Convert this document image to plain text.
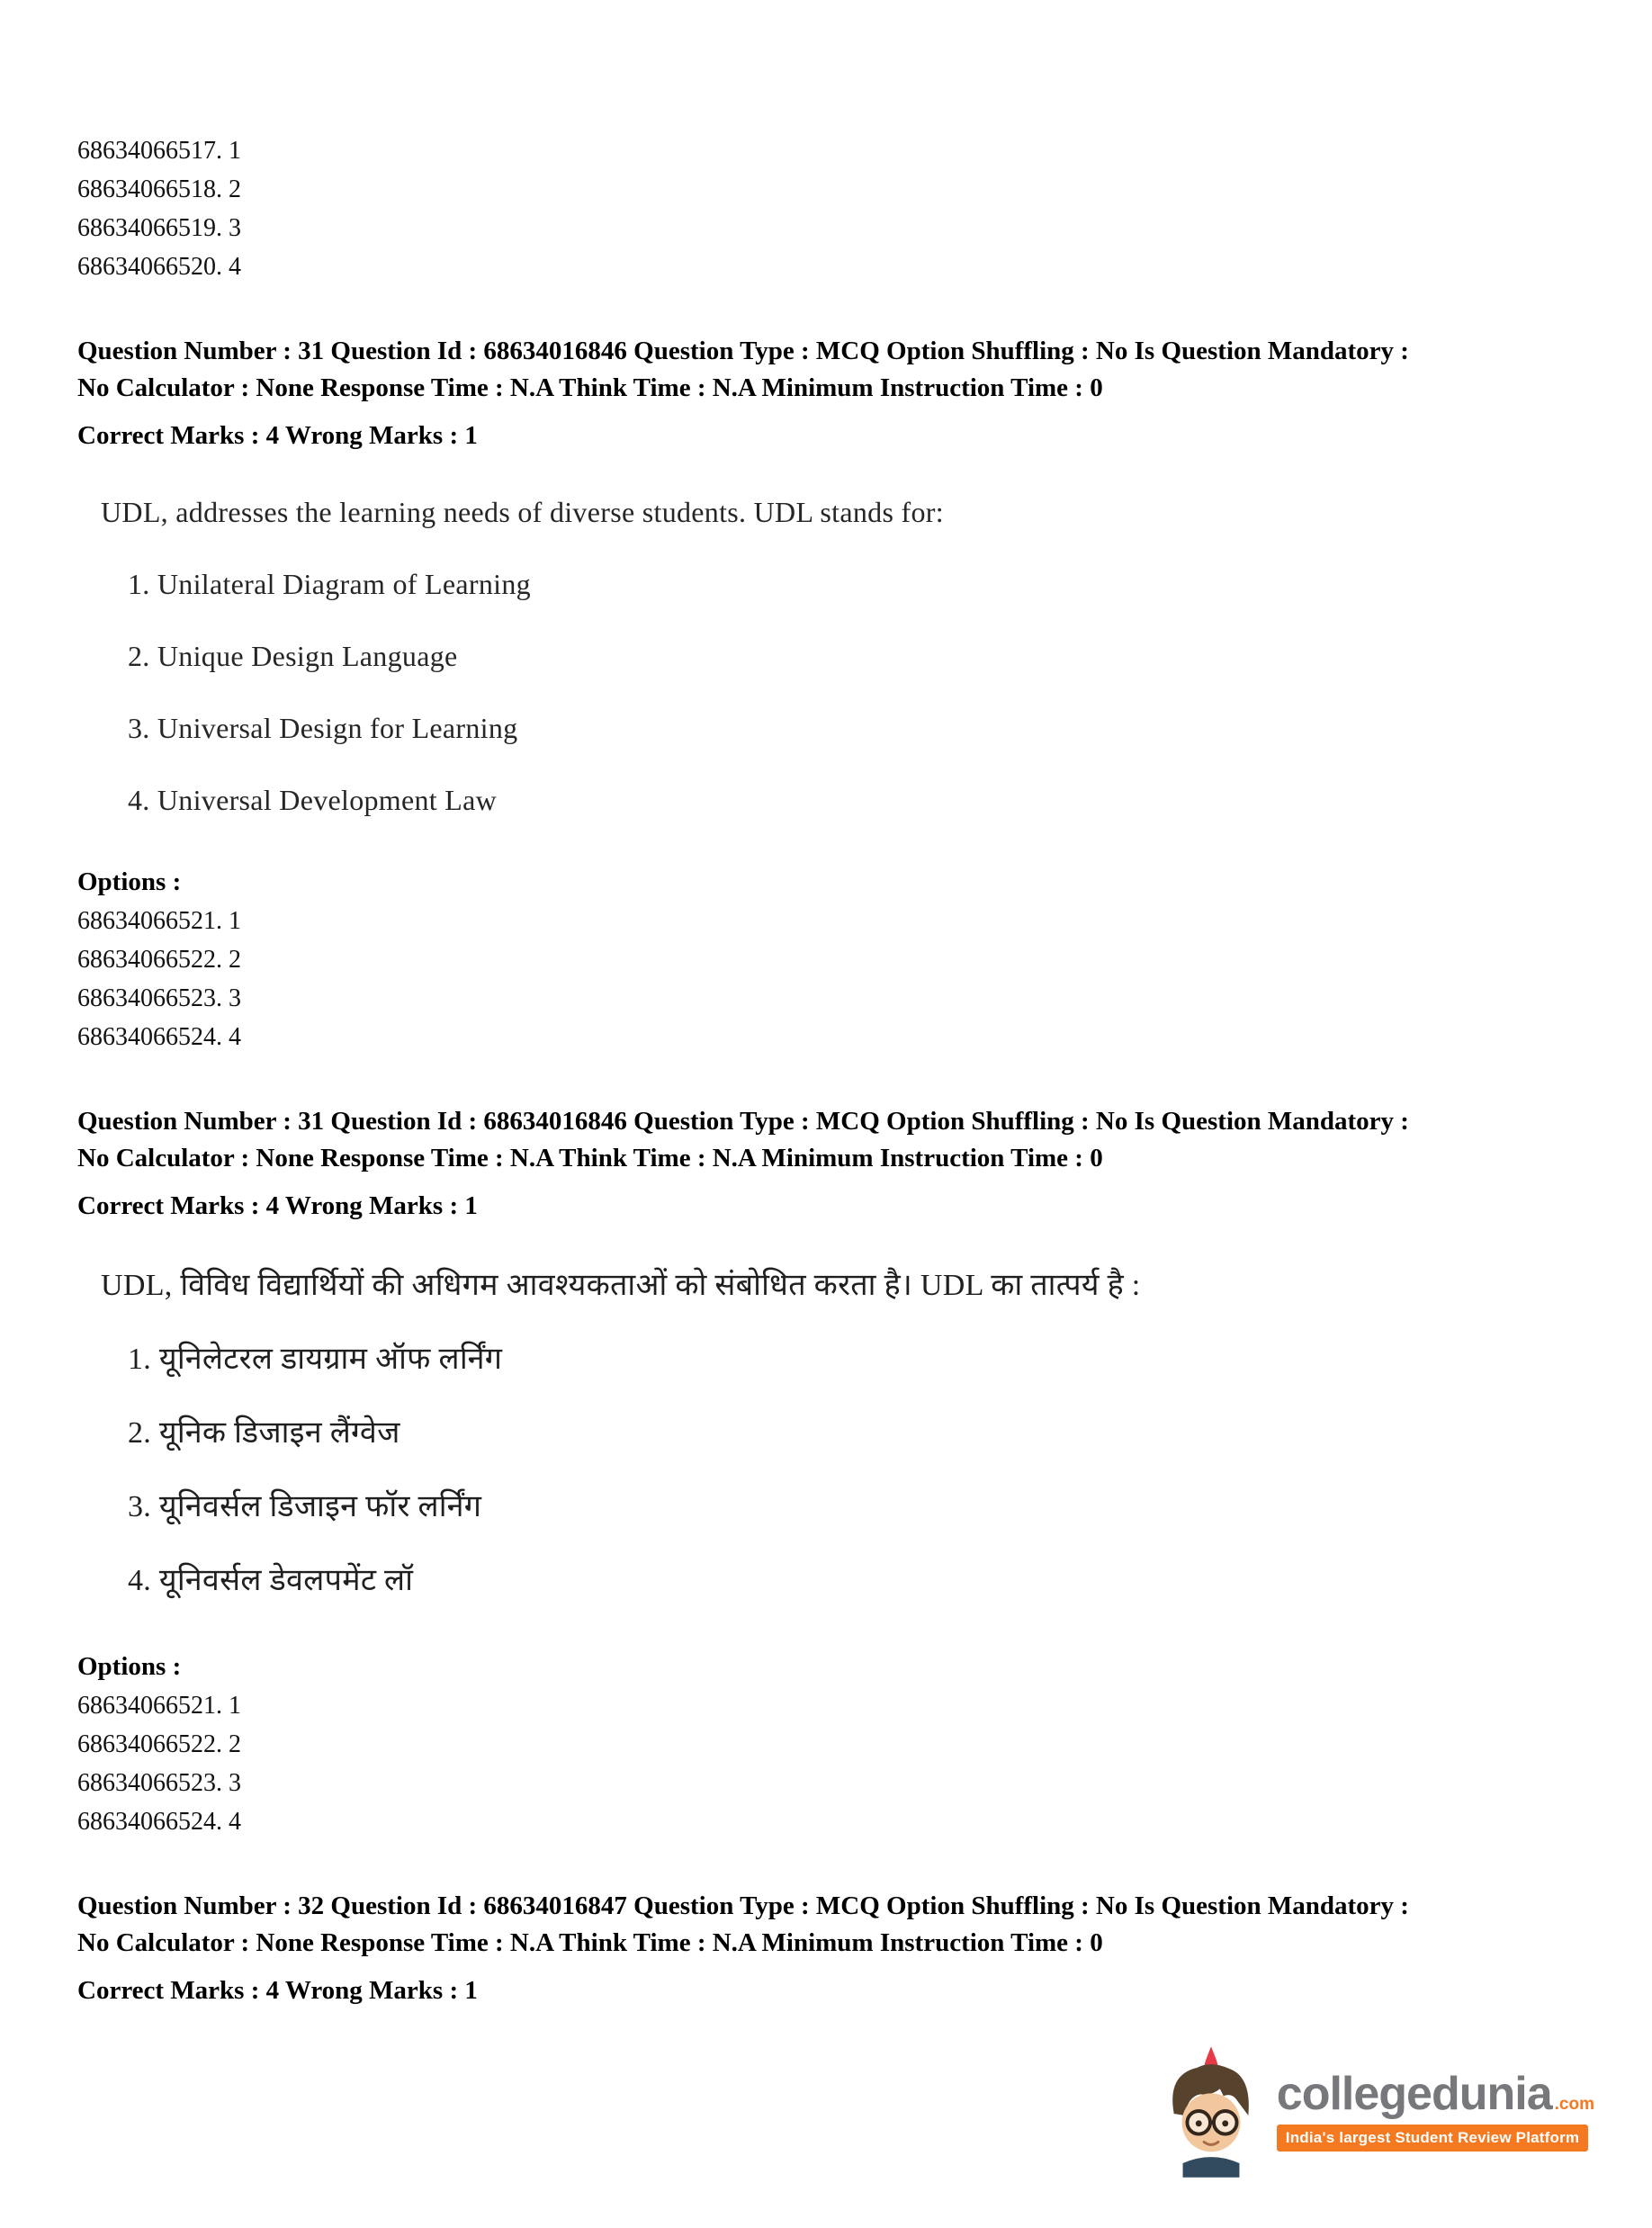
68634066517. 1
68634066518. 2
68634066519. 3
68634066520. 4
Question Number : 31 Question Id : 68634016846 Question Type : MCQ Option Shuffling : No Is Question Mandatory :
No Calculator : None Response Time : N.A Think Time : N.A Minimum Instruction Time : 0
Correct Marks : 4 Wrong Marks : 1
UDL, addresses the learning needs of diverse students. UDL stands for:
1. Unilateral Diagram of Learning
2. Unique Design Language
3. Universal Design for Learning
4. Universal Development Law
Options :
68634066521. 1
68634066522. 2
68634066523. 3
68634066524. 4
Question Number : 31 Question Id : 68634016846 Question Type : MCQ Option Shuffling : No Is Question Mandatory :
No Calculator : None Response Time : N.A Think Time : N.A Minimum Instruction Time : 0
Correct Marks : 4 Wrong Marks : 1
UDL, विविध विद्यार्थियों की अधिगम आवश्यकताओं को संबोधित करता है। UDL का तात्पर्य है :
1. यूनिलेटरल डायग्राम ऑफ लर्निंग
2. यूनिक डिजाइन लैंग्वेज
3. यूनिवर्सल डिजाइन फॉर लर्निंग
4. यूनिवर्सल डेवलपमेंट लॉ
Options :
68634066521. 1
68634066522. 2
68634066523. 3
68634066524. 4
Question Number : 32 Question Id : 68634016847 Question Type : MCQ Option Shuffling : No Is Question Mandatory :
No Calculator : None Response Time : N.A Think Time : N.A Minimum Instruction Time : 0
Correct Marks : 4 Wrong Marks : 1
collegedunia .com
India's largest Student Review Platform
